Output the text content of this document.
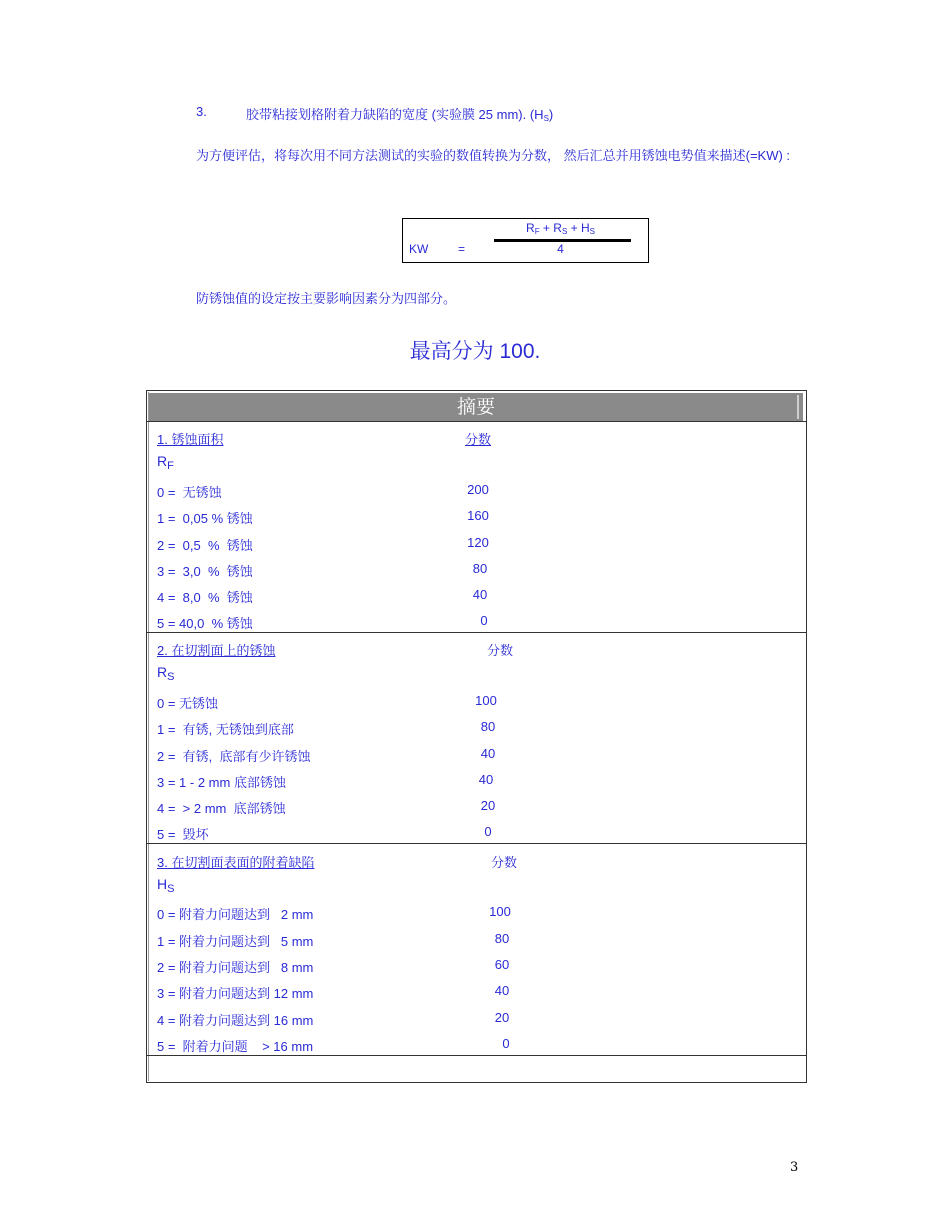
3.	胶带粘接划格附着力缺陷的宽度 (实验膜 25 mm). $(H_S)$
为方便评估，将每次用不同方法测试的实验的数值转换为分数， 然后汇总并用锈蚀电势值来描述(=KW) :
$R_F + R_S + H_S$
KW =	4
防锈蚀值的设定按主要影响因素分为四部分。
最高分为 100.
摘要
1. 锈蚀面积	分数
$R_F$
0 =  无锈蚀	200
1 =  0,05 % 锈蚀	160
2 =  0,5  %  锈蚀	120
3 =  3,0  %  锈蚀	80
4 =  8,0  %  锈蚀	40
5 = 40,0  % 锈蚀	0
2. 在切割面上的锈蚀	分数
$R_S$
0 = 无锈蚀	100
1 =  有锈, 无锈蚀到底部	80
2 =  有锈,  底部有少许锈蚀	40
3 = 1 - 2 mm 底部锈蚀	40
4 =  > 2 mm  底部锈蚀	20
5 =  毁坏	0
3. 在切割面表面的附着缺陷	分数
$H_S$
0 = 附着力问题达到   2 mm	100
1 = 附着力问题达到   5 mm	80
2 = 附着力问题达到   8 mm	60
3 = 附着力问题达到 12 mm	40
4 = 附着力问题达到 16 mm	20
5 =  附着力问题    > 16 mm	0
3
